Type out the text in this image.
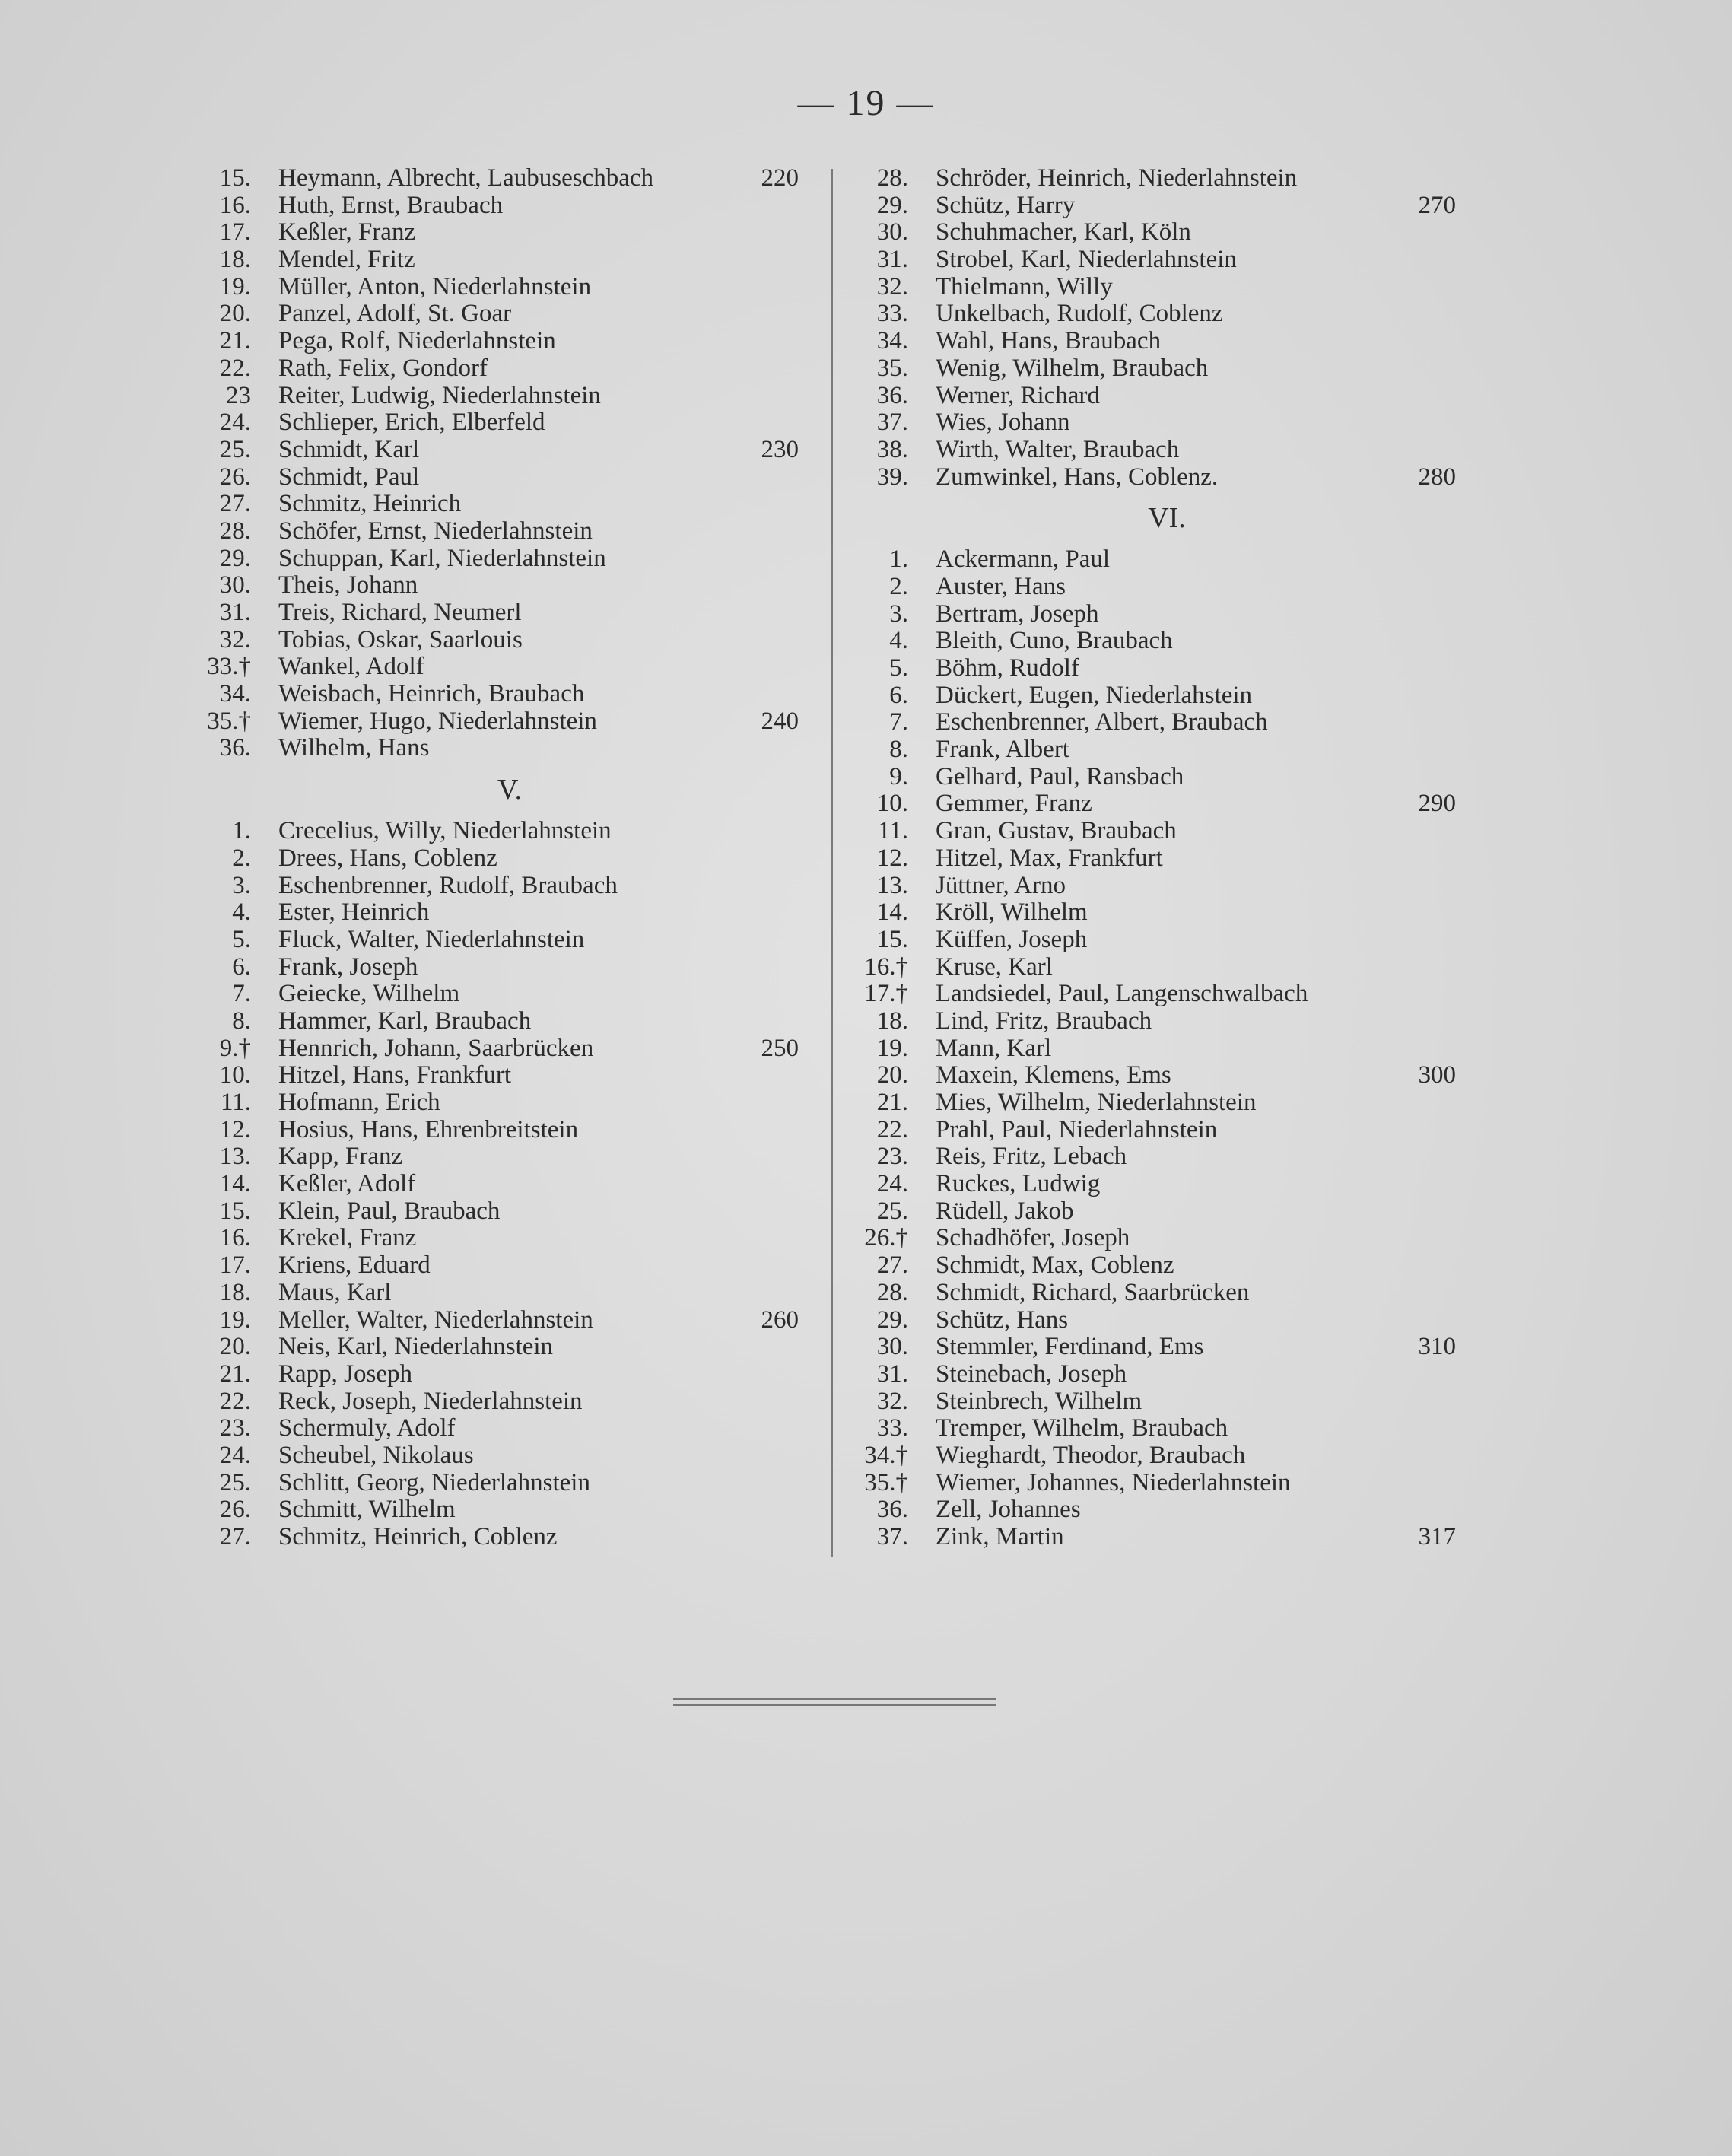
— 19 —
15. Heymann, Albrecht, Laubuseschbach	220
16. Huth, Ernst, Braubach
17. Keßler, Franz
18. Mendel, Fritz
19. Müller, Anton, Niederlahnstein
20. Panzel, Adolf, St. Goar
21. Pega, Rolf, Niederlahnstein
22. Rath, Felix, Gondorf
23 Reiter, Ludwig, Niederlahnstein
24. Schlieper, Erich, Elberfeld
25. Schmidt, Karl	230
26. Schmidt, Paul
27. Schmitz, Heinrich
28. Schöfer, Ernst, Niederlahnstein
29. Schuppan, Karl, Niederlahnstein
30. Theis, Johann
31. Treis, Richard, Neumerl
32. Tobias, Oskar, Saarlouis
33.† Wankel, Adolf
34. Weisbach, Heinrich, Braubach
35.† Wiemer, Hugo, Niederlahnstein	240
36. Wilhelm, Hans
V.
1. Crecelius, Willy, Niederlahnstein
2. Drees, Hans, Coblenz
3. Eschenbrenner, Rudolf, Braubach
4. Ester, Heinrich
5. Fluck, Walter, Niederlahnstein
6. Frank, Joseph
7. Geiecke, Wilhelm
8. Hammer, Karl, Braubach
9.† Hennrich, Johann, Saarbrücken	250
10. Hitzel, Hans, Frankfurt
11. Hofmann, Erich
12. Hosius, Hans, Ehrenbreitstein
13. Kapp, Franz
14. Keßler, Adolf
15. Klein, Paul, Braubach
16. Krekel, Franz
17. Kriens, Eduard
18. Maus, Karl
19. Meller, Walter, Niederlahnstein	260
20. Neis, Karl, Niederlahnstein
21. Rapp, Joseph
22. Reck, Joseph, Niederlahnstein
23. Schermuly, Adolf
24. Scheubel, Nikolaus
25. Schlitt, Georg, Niederlahnstein
26. Schmitt, Wilhelm
27. Schmitz, Heinrich, Coblenz
28. Schröder, Heinrich, Niederlahnstein
29. Schütz, Harry	270
30. Schuhmacher, Karl, Köln
31. Strobel, Karl, Niederlahnstein
32. Thielmann, Willy
33. Unkelbach, Rudolf, Coblenz
34. Wahl, Hans, Braubach
35. Wenig, Wilhelm, Braubach
36. Werner, Richard
37. Wies, Johann
38. Wirth, Walter, Braubach
39. Zumwinkel, Hans, Coblenz.	280
VI.
1. Ackermann, Paul
2. Auster, Hans
3. Bertram, Joseph
4. Bleith, Cuno, Braubach
5. Böhm, Rudolf
6. Dückert, Eugen, Niederlahstein
7. Eschenbrenner, Albert, Braubach
8. Frank, Albert
9. Gelhard, Paul, Ransbach
10. Gemmer, Franz	290
11. Gran, Gustav, Braubach
12. Hitzel, Max, Frankfurt
13. Jüttner, Arno
14. Kröll, Wilhelm
15. Küffen, Joseph
16.† Kruse, Karl
17.† Landsiedel, Paul, Langenschwalbach
18. Lind, Fritz, Braubach
19. Mann, Karl
20. Maxein, Klemens, Ems	300
21. Mies, Wilhelm, Niederlahnstein
22. Prahl, Paul, Niederlahnstein
23. Reis, Fritz, Lebach
24. Ruckes, Ludwig
25. Rüdell, Jakob
26.† Schadhöfer, Joseph
27. Schmidt, Max, Coblenz
28. Schmidt, Richard, Saarbrücken
29. Schütz, Hans
30. Stemmler, Ferdinand, Ems	310
31. Steinebach, Joseph
32. Steinbrech, Wilhelm
33. Tremper, Wilhelm, Braubach
34.† Wieghardt, Theodor, Braubach
35.† Wiemer, Johannes, Niederlahnstein
36. Zell, Johannes
37. Zink, Martin	317
